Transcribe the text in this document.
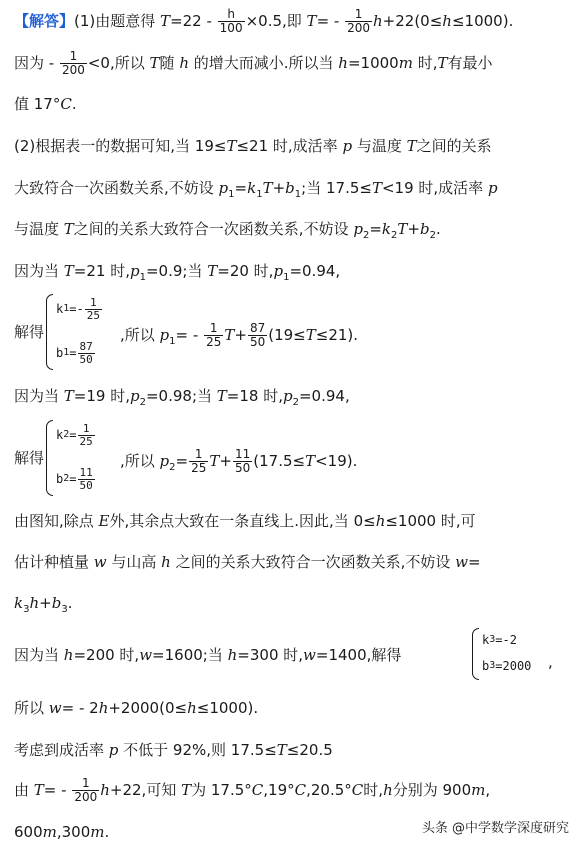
【解答】(1)由题意得 $T=22 - \frac{h}{100} \times 0.5$,即 $T= - \frac{1}{200} h+22(0\le h\le 1000)$.
因为 - $\frac{1}{200} <0$,所以 T随 h 的增大而减小.所以当 h=1000m 时,T有最小
值 17°C.
(2)根据表一的数据可知,当 19≤T≤21 时,成活率 p 与温度 T之间的关系
大致符合一次函数关系,不妨设 $p_1=k_1T+b_1$;当 17.5≤T<19 时,成活率 p
与温度 T之间的关系大致符合一次函数关系,不妨设 $p_2=k_2T+b_2$.
因为当 T=21 时$,p_1=0.9$;当 T=20 时$,p_1=0.94$,
解得
k $1 =- \frac{1}{25}$
b $1 = \frac{87}{50}$
,所以 $p_1= - \frac{1}{25} T+ \frac{87}{50} (19\le T\le 21)$.
因为当 T=19 时$,p_2=0.98$;当 T=18 时$,p_2=0.94$,
解得
k $2 = \frac{1}{25}$
b $2 = \frac{11}{50}$
,所以 $p_2= \frac{1}{25} T+ \frac{11}{50} (17.5\le T<19)$.
由图知,除点 E外,其余点大致在一条直线上.因此,当 0≤h≤1000 时,可
估计种植量 w 与山高 h 之间的关系大致符合一次函数关系,不妨设 w=
$k_3h+b_3$.
因为当 h=200 时,w=1600;当 h=300 时,w=1400,解得
k 3 =-2
b 3 =2000 ,
所以 w= - 2h+2000(0≤h≤1000).
考虑到成活率 p 不低于 92%,则 17.5≤T≤20.5
由 $T= - \frac{1}{200} h+22$,可知 T为 17.5°C,19°C,20.5°C时,h分别为 900m,
600m,300m.	头条 @中学数学深度研究
